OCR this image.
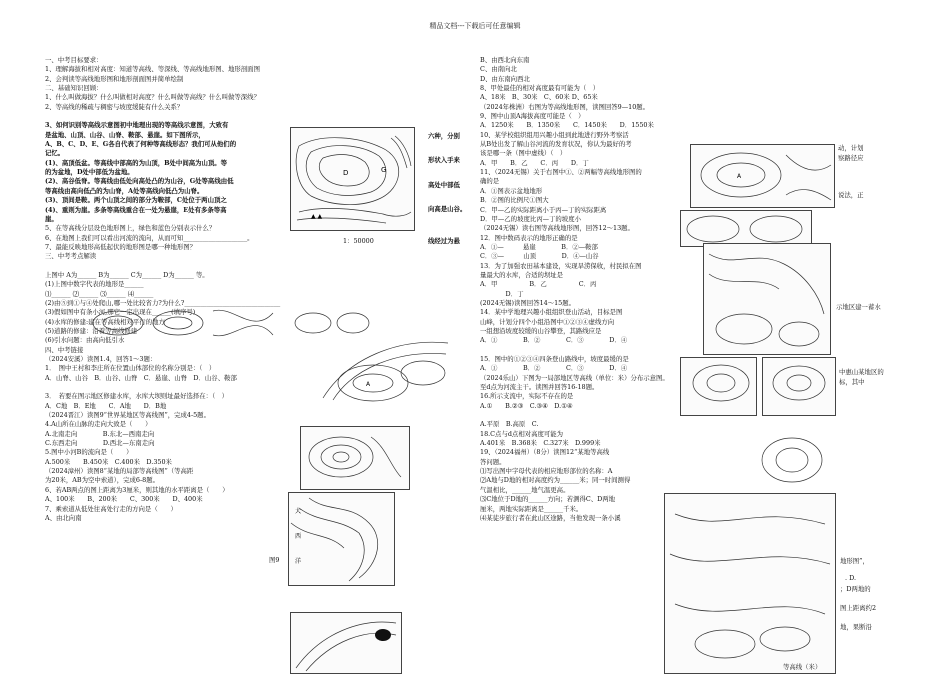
精品文档---下载后可任意编辑
一、中考目标要求：
1、理解海拔和相对高度：知道等高线、等深线、等高线地形图、地形剖面图
2、会判读等高线地形图和地形剖面图并简单绘制
二、基础知识回顾：
1、什么叫做海拔？什么叫做相对高度？什么叫做等高线？什么叫做等深线？
2、等高线的稀疏与稠密与坡度缓陡有什么关系？
3、如何识别等高线示意图初中地理出现的等高线示意图，大致有
是盆地、山顶、山谷、山脊、鞍部、悬崖。如下图所示，
A、B、C、D、E、G各自代表了何种等高线形态？我们可从他们的
记忆。
(1)、高顶低盆。等高线中部高的为山顶，B处中间高为山顶。等
的为盆地，D处中部低为盆地。
(2)、高谷低脊。等高线由低处向高处凸的为山谷，G处等高线由低
等高线由高向低凸的为山脊，A处等高线向低凸为山脊。
(3)、顶间是鞍。两个山顶之间的部分为鞍部，C处位于两山顶之
(4)、重则为崖。多条等高线重合在一处为悬崖，E处有多条等高
崖。
5、在等高线分层设色地形图上，绿色和蓝色分别表示什么？
6、在地图上我们可以看出河流的流向，从而可知____________________。
7、最能反映地形高低起伏的地形图是哪一种地形图？
三、中考考点解读
上图中 A为______ B为______ C为______ D为______ 等。
(1)上图中数字代表的地形是______
⑴______ ⑵______ ⑶______ ⑷______
(2)由⑤到①与④处爬山,哪一处比较省力?为什么?______________________________
(3)假如图中有条小河,那它一定出现在______(填序号)
(4)水库的修建:建在等高线相对平行的地方
(5)道路的修建：沿着等高线修建
(6)引水问题：由高向低引水
四、中考链接
（2024安溪）读图1.4，回答1～3题：
1．　图中王村和李庄所在位置山体部位的名称分别是：（　）
A．山脊、山谷　B．山谷、山脊　C．悬崖、山脊　D．山谷、鞍部
3．　若要在图示地区修建水库，水库大坝则址最好选择在：（　）
A．C地　B．E地　　C．A地　　D．B地
（2024晋江）读图9“世界某地区等高线图”，完成4-5题。
4.A山所在山脉的走向大致是（　　）
A.北南走向　　　　B.东北—西南走向
C.东西走向　　　　D.西北—东南走向
5.图中小河B的流向是（　　）
A.500米　　B.450米　C.400米　D.350米
（2024漳州）读图8“某地的局部等高线图”（等高距
为20米，AB为空中索道），完成6-8题。
6、若AB两点的图上距离为3厘米，则其地的水平距离是（　　）
A、100米　　B、200米　　C、300米　　D、400米
7、乘索道从低处往高处行走的方向是（　　）
A、由北向南
B、由西北向东南
C、由南向北
D、由东南向西北
8、甲处最佳的相对高度最有可能为（　）
A、18米　B、30米　C、60米 D、65米
（2024年株洲）右图为等高线地形图，读图回答9—10题。
9、图中山顶A海拔高度可能是（　）
A．1250米　　B．1350米　　C．1450米　　D．1550米
10、某学校组织组用兴趣小组到此地进行野外考察活
从B处出发了解山谷河流的发育状况，你认为最好的考
该是哪一条（图中虚线）（　）
A．甲　　B．乙　　C．丙　　D．丁
11、（2024无锡）关于右图中①、②两幅等高线地形图的
确的是
A．①图表示盆地地形
B．②图的比例尺①图大
C．甲—乙的实际距离小于丙—丁的实际距离
D．甲—乙的坡度比丙—丁的坡度小
（2024无锡）读右图等高线地形图，回答12～13题。
12．图中数码表示的地形正确的是
A．①—　　　悬崖　　　　B．②—鞍部
C．③—　　　山顶　　　　D．④—山谷
13．为了加强农田基本建设，实现旱涝保收，村民拟在图
量最大的水库，合适的坝址是
A．甲　　　　　B．乙　　　　　C．丙
　　　　D．丁
(2024无锡)读图回答14～15题。
14．某中学地理兴趣小组组织登山活动，目标是图
山峰，计划分四个小组沿图中①②③④虚线方向
一组想沿坡度较缓的山谷攀登，其路线应是
A．①　　　　B．②　　　　C．③　　　　D．④
15．图中的①②③④四条登山路线中，坡度最缓的是
A．①　　　　B．②　　　　C．③　　　　D．④
（2024乐山）下图为一局部地区等高线（单位：米）分布示意图。
至d点为河流主干。读图并回答16-18题。
16.所示支流中，实际不存在的是
A.①　　B.②③　C.③④　D.①④
A.平原　B.高原　C.
18.C点与d点相对高度可能为
A.401米　B.368米　C.327米　D.999米
19、（2024福州）（8分）读图12“某地等高线
答问题。
⑴写出图中字母代表的相应地形部位的名称：A
⑵A地与D地的相对高度约为______米；同一时间测得
气温相比，______地气温更高。
⑶C地位于D地的______方向；若测得C、D两地
厘米，两地实际距离是______千米。
⑷某徒步旅行者在此山区途路，当他发现一条小溪
D	G
▲ ▲
1：50000
六种，分别
形状入手来
高处中部低
向高是山谷。
线经过为悬
A
大
西
洋
图9
A
等高线（米）
动，计划
察路径应
说法，正
示地区建一蓄水
中惠山某地区的
标，其中
地形图”，
. D.
；D两地的
图上距离约2
地，果断沿
